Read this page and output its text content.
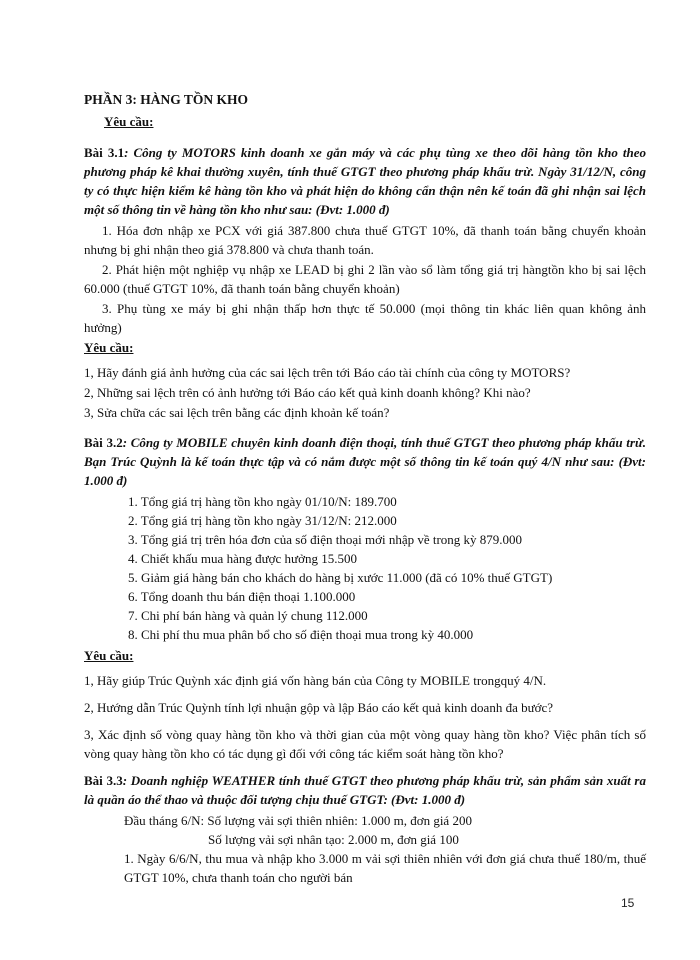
PHẦN 3: HÀNG TỒN KHO
Yêu cầu:
Bài 3.1: Công ty MOTORS kinh doanh xe gắn máy và các phụ tùng xe theo dõi hàng tồn kho theo phương pháp kê khai thường xuyên, tính thuế GTGT theo phương pháp khấu trừ. Ngày 31/12/N, công ty có thực hiện kiểm kê hàng tồn kho và phát hiện do không cẩn thận nên kế toán đã ghi nhận sai lệch một số thông tin về hàng tồn kho như sau: (Đvt: 1.000 đ)
1. Hóa đơn nhập xe PCX với giá 387.800 chưa thuế GTGT 10%, đã thanh toán bằng chuyển khoản nhưng bị ghi nhận theo giá 378.800 và chưa thanh toán.
2. Phát hiện một nghiệp vụ nhập xe LEAD bị ghi 2 lần vào sổ làm tổng giá trị hàngtồn kho bị sai lệch 60.000 (thuế GTGT 10%, đã thanh toán bằng chuyển khoản)
3. Phụ tùng xe máy bị ghi nhận thấp hơn thực tế 50.000 (mọi thông tin khác liên quan không ảnh hưởng)
Yêu cầu:
1, Hãy đánh giá ảnh hưởng của các sai lệch trên tới Báo cáo tài chính của công ty MOTORS?
2, Những sai lệch trên có ảnh hưởng tới Báo cáo kết quả kinh doanh không? Khi nào?
3, Sửa chữa các sai lệch trên bằng các định khoản kế toán?
Bài 3.2: Công ty MOBILE chuyên kinh doanh điện thoại, tính thuế GTGT theo phương pháp khấu trừ. Bạn Trúc Quỳnh là kế toán thực tập và có nắm được một số thông tin kế toán quý 4/N như sau: (Đvt: 1.000 đ)
1. Tổng giá trị hàng tồn kho ngày 01/10/N: 189.700
2. Tổng giá trị hàng tồn kho ngày 31/12/N: 212.000
3. Tổng giá trị trên hóa đơn của số điện thoại mới nhập về trong kỳ 879.000
4. Chiết khấu mua hàng được hưởng 15.500
5. Giảm giá hàng bán cho khách do hàng bị xước 11.000 (đã có 10% thuế GTGT)
6. Tổng doanh thu bán điện thoại 1.100.000
7. Chi phí bán hàng và quản lý chung 112.000
8. Chi phí thu mua phân bổ cho số điện thoại mua trong kỳ 40.000
Yêu cầu:
1, Hãy giúp Trúc Quỳnh xác định giá vốn hàng bán của Công ty MOBILE trongquý 4/N.
2, Hướng dẫn Trúc Quỳnh tính lợi nhuận gộp và lập Báo cáo kết quả kinh doanh đa bước?
3, Xác định số vòng quay hàng tồn kho và thời gian của một vòng quay hàng tồn kho? Việc phân tích số vòng quay hàng tồn kho có tác dụng gì đối với công tác kiểm soát hàng tồn kho?
Bài 3.3: Doanh nghiệp WEATHER tính thuế GTGT theo phương pháp khấu trừ, sản phẩm sản xuất ra là quần áo thể thao và thuộc đối tượng chịu thuế GTGT: (Đvt: 1.000 đ)
Đầu tháng 6/N: Số lượng vải sợi thiên nhiên: 1.000 m, đơn giá 200
Số lượng vải sợi nhân tạo: 2.000 m, đơn giá 100
1. Ngày 6/6/N, thu mua và nhập kho 3.000 m vải sợi thiên nhiên với đơn giá chưa thuế 180/m, thuế GTGT 10%, chưa thanh toán cho người bán
15
